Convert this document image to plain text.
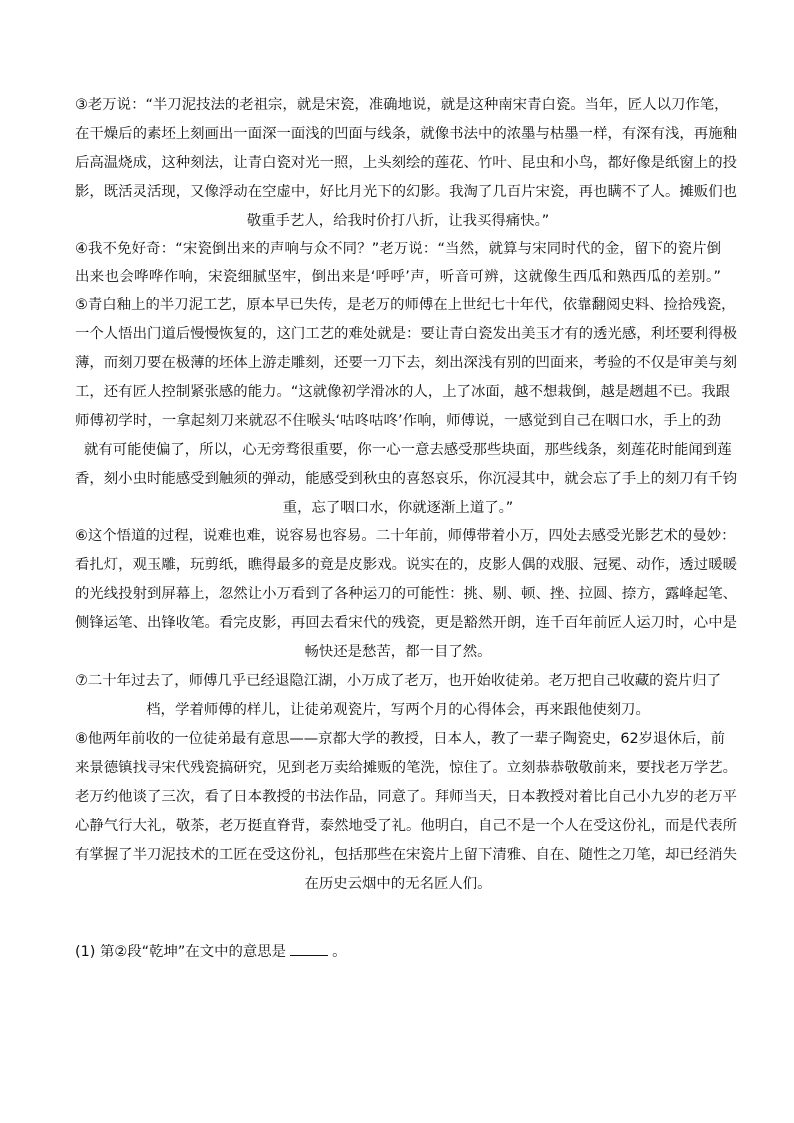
③老万说：“半刀泥技法的老祖宗，就是宋瓷，准确地说，就是这种南宋青白瓷。当年，匠人以刀作笔，
在干燥后的素坯上刻画出一面深一面浅的凹面与线条，就像书法中的浓墨与枯墨一样，有深有浅，再施釉
后高温烧成，这种刻法，让青白瓷对光一照，上头刻绘的莲花、竹叶、昆虫和小鸟，都好像是纸窗上的投
影，既活灵活现，又像浮动在空虚中，好比月光下的幻影。我淘了几百片宋瓷，再也瞒不了人。摊贩们也
敬重手艺人，给我时价打八折，让我买得痛快。”
④我不免好奇：“宋瓷倒出来的声响与众不同？”老万说：“当然，就算与宋同时代的金，留下的瓷片倒
出来也会哗哗作响，宋瓷细腻坚牢，倒出来是‘呼呼’声，听音可辨，这就像生西瓜和熟西瓜的差别。”
⑤青白釉上的半刀泥工艺，原本早已失传，是老万的师傅在上世纪七十年代，依靠翻阅史料、捡拾残瓷，
一个人悟出门道后慢慢恢复的，这门工艺的难处就是：要让青白瓷发出美玉才有的透光感，利坯要利得极
薄，而刻刀要在极薄的坯体上游走雕刻，还要一刀下去，刻出深浅有别的凹面来，考验的不仅是审美与刻
工，还有匠人控制紧张感的能力。“这就像初学滑冰的人，上了冰面，越不想栽倒，越是趔趄不已。我跟
师傅初学时，一拿起刻刀来就忍不住喉头‘咕咚咕咚’作响，师傅说，一感觉到自己在咽口水，手上的劲
就有可能使偏了，所以，心无旁骛很重要，你一心一意去感受那些块面，那些线条，刻莲花时能闻到莲
香，刻小虫时能感受到触须的弹动，能感受到秋虫的喜怒哀乐，你沉浸其中，就会忘了手上的刻刀有千钧
重，忘了咽口水，你就逐渐上道了。”
⑥这个悟道的过程，说难也难，说容易也容易。二十年前，师傅带着小万，四处去感受光影艺术的曼妙：
看扎灯，观玉雕，玩剪纸，瞧得最多的竟是皮影戏。说实在的，皮影人偶的戏服、冠冕、动作，透过暖暖
的光线投射到屏幕上，忽然让小万看到了各种运刀的可能性：挑、剔、顿、挫、拉圆、捺方，露峰起笔、
侧锋运笔、出锋收笔。看完皮影，再回去看宋代的残瓷，更是豁然开朗，连千百年前匠人运刀时，心中是
畅快还是愁苦，都一目了然。
⑦二十年过去了，师傅几乎已经退隐江湖，小万成了老万，也开始收徒弟。老万把自己收藏的瓷片归了
档，学着师傅的样儿，让徒弟观瓷片，写两个月的心得体会，再来跟他使刻刀。
⑧他两年前收的一位徒弟最有意思——京都大学的教授，日本人，教了一辈子陶瓷史，62岁退休后，前
来景德镇找寻宋代残瓷搞研究，见到老万卖给摊贩的笔洗，惊住了。立刻恭恭敬敬前来，要找老万学艺。
老万约他谈了三次，看了日本教授的书法作品，同意了。拜师当天，日本教授对着比自己小九岁的老万平
心静气行大礼，敬茶，老万挺直脊背，泰然地受了礼。他明白，自己不是一个人在受这份礼，而是代表所
有掌握了半刀泥技术的工匠在受这份礼，包括那些在宋瓷片上留下清雅、自在、随性之刀笔，却已经消失
在历史云烟中的无名匠人们。
(1) 第②段“乾坤”在文中的意思是	。
